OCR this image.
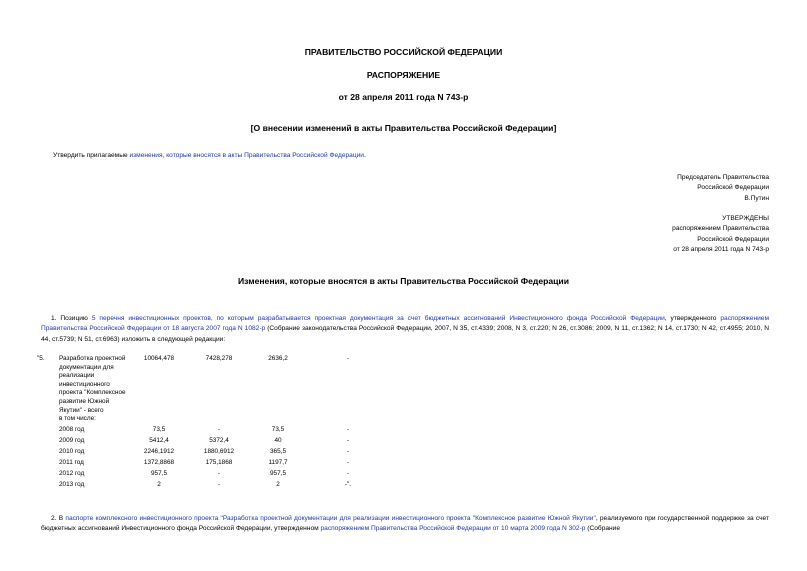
ПРАВИТЕЛЬСТВО РОССИЙСКОЙ ФЕДЕРАЦИИ
РАСПОРЯЖЕНИЕ
от 28 апреля 2011 года N 743-р
[О внесении изменений в акты Правительства Российской Федерации]
Утвердить прилагаемые изменения, которые вносятся в акты Правительства Российской Федерации.
Председатель Правительства
Российской Федерации
В.Путин
УТВЕРЖДЕНЫ
распоряжением Правительства
Российской Федерации
от 28 апреля 2011 года N 743-р
Изменения, которые вносятся в акты Правительства Российской Федерации
1. Позицию 5 перечня инвестиционных проектов, по которым разрабатывается проектная документация за счет бюджетных ассигнований Инвестиционного фонда Российской Федерации, утвержденного распоряжением Правительства Российской Федерации от 18 августа 2007 года N 1082-р (Собрание законодательства Российской Федерации, 2007, N 35, ст.4339; 2008, N 3, ст.220; N 26, ст.3086; 2009, N 11, ст.1362; N 14, ст.1730; N 42, ст.4955; 2010, N 44, ст.5739; N 51, ст.6963) изложить в следующей редакции:
"5.	Разработка проектной документации для реализации инвестиционного проекта "Комплексное развитие Южной Якутии" - всего	10064,478	7428,278	2636,2	-
	в том числе:				
	2008 год	73,5	-	73,5	-
	2009 год	5412,4	5372,4	40	-
	2010 год	2246,1912	1880,6912	365,5	-
	2011 год	1372,8868	175,1868	1197,7	-
	2012 год	957,5	-	957,5	-
	2013 год	2	-	2	-".
2. В паспорте комплексного инвестиционного проекта "Разработка проектной документации для реализации инвестиционного проекта "Комплексное развитие Южной Якутии", реализуемого при государственной поддержке за счет бюджетных ассигнований Инвестиционного фонда Российской Федерации, утвержденном распоряжением Правительства Российской Федерации от 10 марта 2009 года N 302-р (Собрание
